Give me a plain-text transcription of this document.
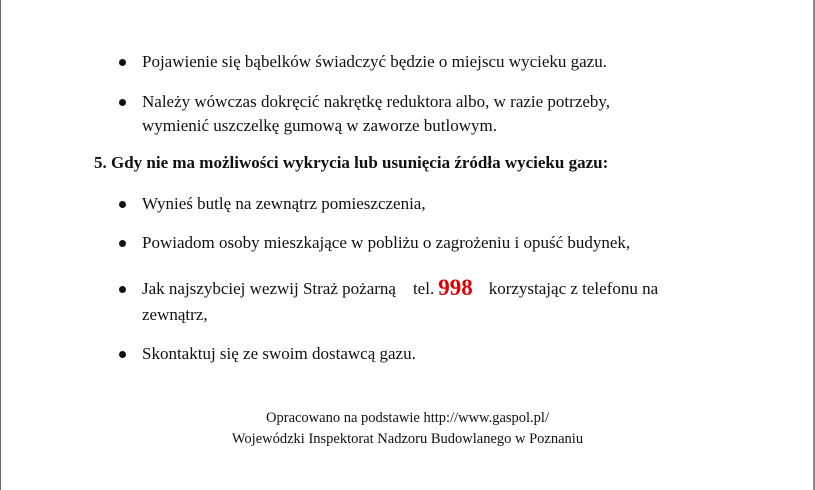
Pojawienie się bąbelków świadczyć będzie o miejscu wycieku gazu.
Należy wówczas dokręcić nakrętkę reduktora albo, w razie potrzeby,
wymienić uszczelkę gumową w zaworze butlowym.
5. Gdy nie ma możliwości wykrycia lub usunięcia źródła wycieku gazu:
Wynieś butlę na zewnątrz pomieszczenia,
Powiadom osoby mieszkające w pobliżu o zagrożeniu i opuść budynek,
Jak najszybciej wezwij Straż pożarną tel. 998 korzystając z telefonu na
zewnątrz,
Skontaktuj się ze swoim dostawcą gazu.
Opracowano na podstawie http://www.gaspol.pl/
Wojewódzki Inspektorat Nadzoru Budowlanego w Poznaniu
